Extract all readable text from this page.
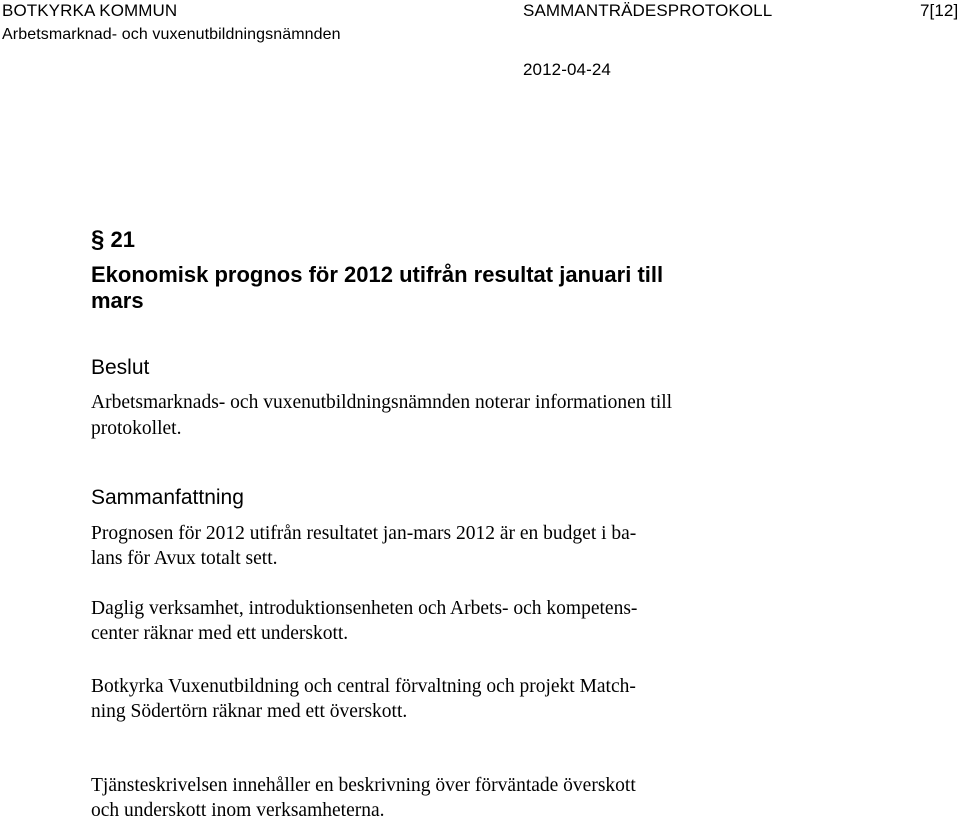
BOTKYRKA KOMMUN
Arbetsmarknad- och vuxenutbildningsnämnden
SAMMANTRÄDESPROTOKOLL	7[12]
2012-04-24
§ 21
Ekonomisk prognos för 2012 utifrån resultat januari till
mars
Beslut
Arbetsmarknads- och vuxenutbildningsnämnden noterar informationen till
protokollet.
Sammanfattning
Prognosen för 2012 utifrån resultatet jan-mars 2012 är en budget i ba-
lans för Avux totalt sett.
Daglig verksamhet, introduktionsenheten och Arbets- och kompetens-
center räknar med ett underskott.
Botkyrka Vuxenutbildning och central förvaltning och projekt Match-
ning Södertörn räknar med ett överskott.
Tjänsteskrivelsen innehåller en beskrivning över förväntade överskott
och underskott inom verksamheterna.
